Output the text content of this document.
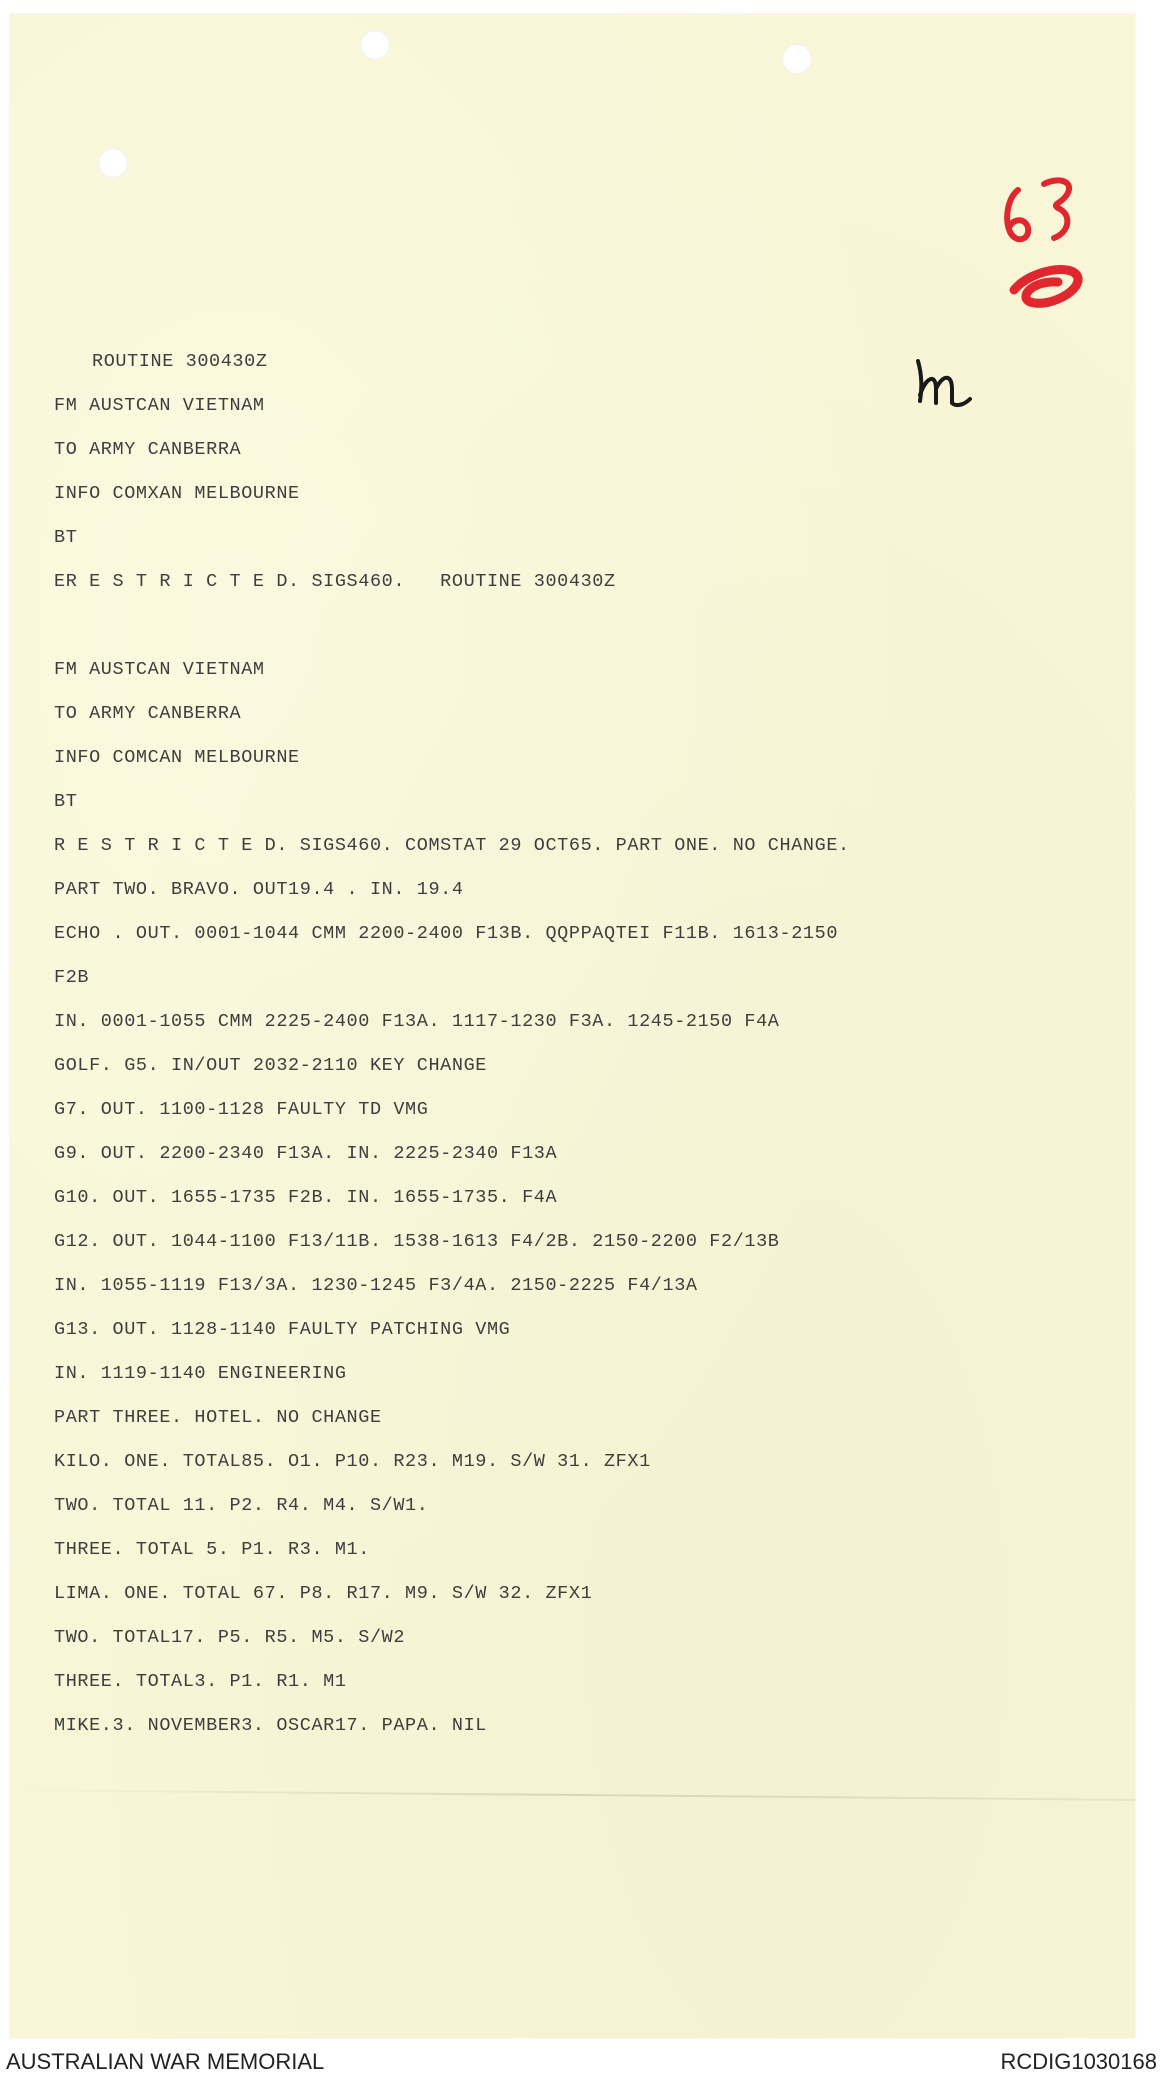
ROUTINE 300430Z
FM AUSTCAN VIETNAM
TO ARMY CANBERRA
INFO COMXAN MELBOURNE
BT
ER E S T R I C T E D. SIGS460.   ROUTINE 300430Z
FM AUSTCAN VIETNAM
TO ARMY CANBERRA
INFO COMCAN MELBOURNE
BT
R E S T R I C T E D. SIGS460. COMSTAT 29 OCT65. PART ONE. NO CHANGE.
PART TWO. BRAVO. OUT19.4 . IN. 19.4
ECHO . OUT. 0001-1044 CMM 2200-2400 F13B. QQPPAQTEI F11B. 1613-2150
F2B
IN. 0001-1055 CMM 2225-2400 F13A. 1117-1230 F3A. 1245-2150 F4A
GOLF. G5. IN/OUT 2032-2110 KEY CHANGE
G7. OUT. 1100-1128 FAULTY TD VMG
G9. OUT. 2200-2340 F13A. IN. 2225-2340 F13A
G10. OUT. 1655-1735 F2B. IN. 1655-1735. F4A
G12. OUT. 1044-1100 F13/11B. 1538-1613 F4/2B. 2150-2200 F2/13B
IN. 1055-1119 F13/3A. 1230-1245 F3/4A. 2150-2225 F4/13A
G13. OUT. 1128-1140 FAULTY PATCHING VMG
IN. 1119-1140 ENGINEERING
PART THREE. HOTEL. NO CHANGE
KILO. ONE. TOTAL85. O1. P10. R23. M19. S/W 31. ZFX1
TWO. TOTAL 11. P2. R4. M4. S/W1.
THREE. TOTAL 5. P1. R3. M1.
LIMA. ONE. TOTAL 67. P8. R17. M9. S/W 32. ZFX1
TWO. TOTAL17. P5. R5. M5. S/W2
THREE. TOTAL3. P1. R1. M1
MIKE.3. NOVEMBER3. OSCAR17. PAPA. NIL
AUSTRALIAN WAR MEMORIAL	RCDIG1030168
